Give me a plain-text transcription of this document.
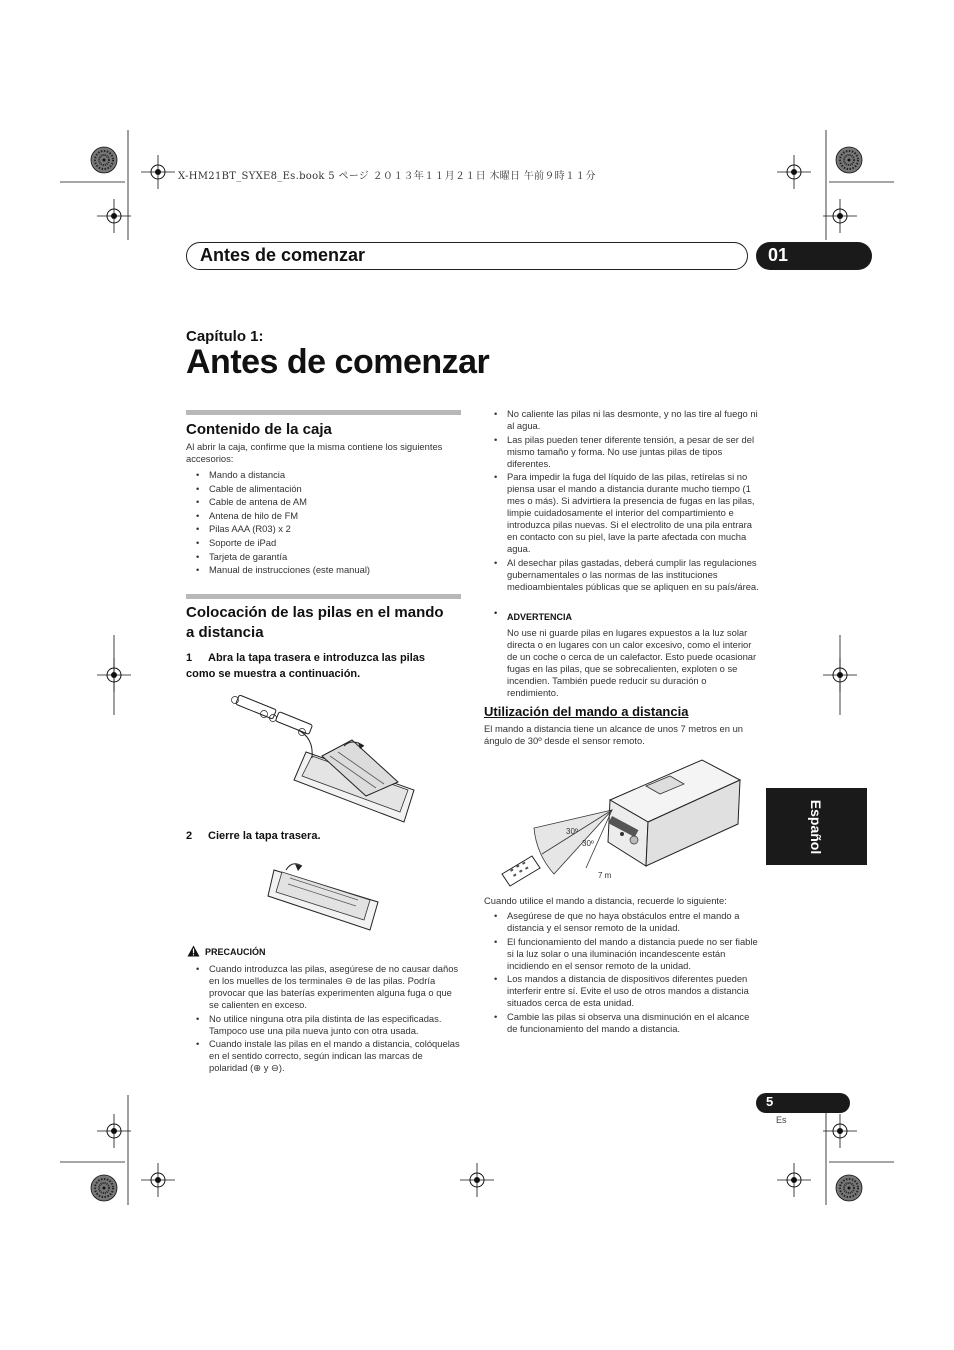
X-HM21BT_SYXE8_Es.book 5 ページ ２０１３年１１月２１日 木曜日 午前９時１１分
Antes de comenzar	01
Capítulo 1:
Antes de comenzar
Contenido de la caja
Al abrir la caja, confirme que la misma contiene los siguientes accesorios:
• Mando a distancia
• Cable de alimentación
• Cable de antena de AM
• Antena de hilo de FM
• Pilas AAA (R03) x 2
• Soporte de iPad
• Tarjeta de garantía
• Manual de instrucciones (este manual)
Colocación de las pilas en el mando
a distancia
1 Abra la tapa trasera e introduzca las pilas
como se muestra a continuación.
2 Cierre la tapa trasera.
PRECAUCIÓN
• Cuando introduzca las pilas, asegúrese de no causar daños en los muelles de los terminales ⊖ de las pilas. Podría provocar que las baterías experimenten alguna fuga o que se calienten en exceso.
• No utilice ninguna otra pila distinta de las especificadas. Tampoco use una pila nueva junto con otra usada.
• Cuando instale las pilas en el mando a distancia, colóquelas en el sentido correcto, según indican las marcas de polaridad (⊕ y ⊖).
• No caliente las pilas ni las desmonte, y no las tire al fuego ni al agua.
• Las pilas pueden tener diferente tensión, a pesar de ser del mismo tamaño y forma. No use juntas pilas de tipos diferentes.
• Para impedir la fuga del líquido de las pilas, retírelas si no piensa usar el mando a distancia durante mucho tiempo (1 mes o más). Si advirtiera la presencia de fugas en las pilas, limpie cuidadosamente el interior del compartimiento e introduzca pilas nuevas. Si el electrolito de una pila entrara en contacto con su piel, lave la parte afectada con mucha agua.
• Al desechar pilas gastadas, deberá cumplir las regulaciones gubernamentales o las normas de las instituciones medioambientales públicas que se apliquen en su país/área.
• ADVERTENCIA
No use ni guarde pilas en lugares expuestos a la luz solar directa o en lugares con un calor excesivo, como el interior de un coche o cerca de un calefactor. Esto puede ocasionar fugas en las pilas, que se sobrecalienten, exploten o se incendien. También puede reducir su duración o rendimiento.
Utilización del mando a distancia
El mando a distancia tiene un alcance de unos 7 metros en un ángulo de 30º desde el sensor remoto.
30º
30º
7 m
Cuando utilice el mando a distancia, recuerde lo siguiente:
• Asegúrese de que no haya obstáculos entre el mando a distancia y el sensor remoto de la unidad.
• El funcionamiento del mando a distancia puede no ser fiable si la luz solar o una iluminación incandescente están incidiendo en el sensor remoto de la unidad.
• Los mandos a distancia de dispositivos diferentes pueden interferir entre sí. Evite el uso de otros mandos a distancia situados cerca de esta unidad.
• Cambie las pilas si observa una disminución en el alcance de funcionamiento del mando a distancia.
Español
5
Es
